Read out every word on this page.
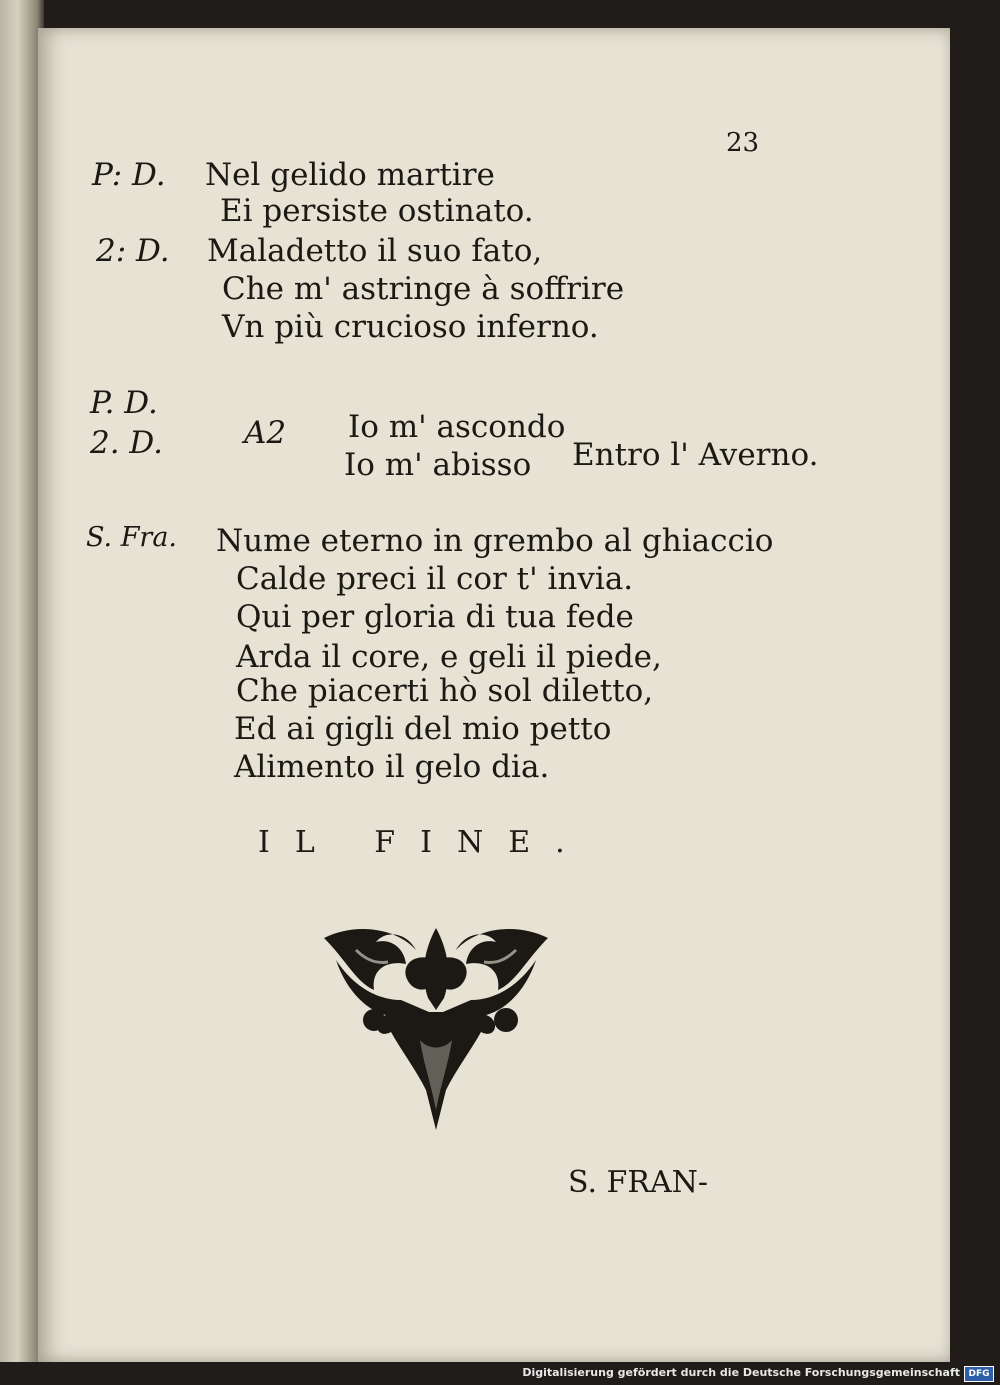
23
P: D. Nel gelido martire
Ei persiste ostinato.
2: D. Maladetto il suo fato,
Che m' astringe à soffrire
Vn più crucioso inferno.
P. D.
2. D.	A2 Io m' ascondo
Io m' abisso Entro l' Averno.
S. Fra. Nume eterno in grembo al ghiaccio
Calde preci il cor t' invia.
Qui per gloria di tua fede
Arda il core, e geli il piede,
Che piacerti hò sol diletto,
Ed ai gigli del mio petto
Alimento il gelo dia.
IL FINE.
S. FRAN-
Digitalisierung gefördert durch die Deutsche Forschungsgemeinschaft DFG
